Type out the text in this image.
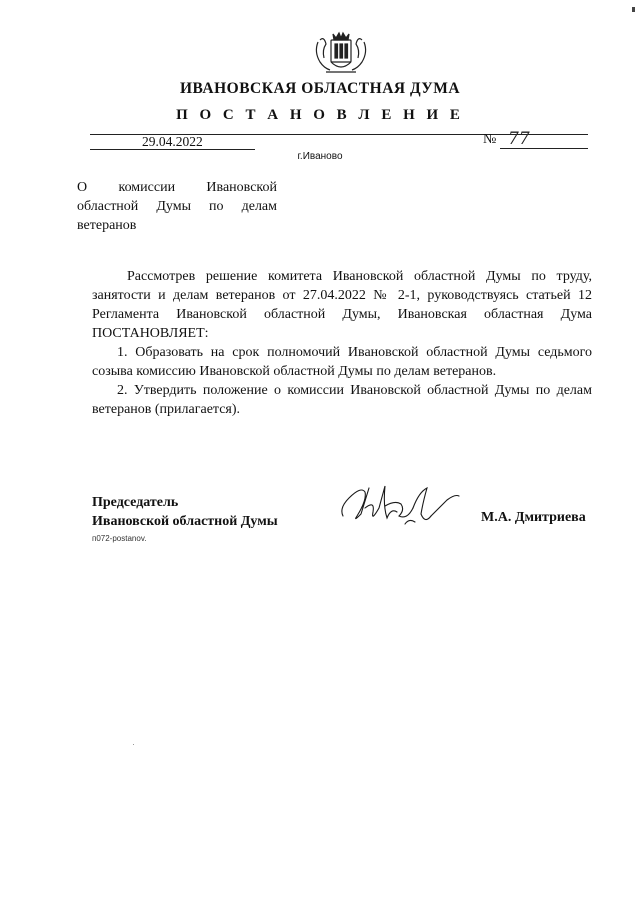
ИВАНОВСКАЯ ОБЛАСТНАЯ ДУМА
П О С Т А Н О В Л Е Н И Е
29.04.2022	№ 77
г.Иваново
О комиссии Ивановской областной Думы по делам ветеранов

Рассмотрев решение комитета Ивановской областной Думы по труду, занятости и делам ветеранов от 27.04.2022 № 2-1, руководствуясь статьей 12 Регламента Ивановской областной Думы, Ивановская областная Дума ПОСТАНОВЛЯЕТ:

1. Образовать на срок полномочий Ивановской областной Думы седьмого созыва комиссию Ивановской областной Думы по делам ветеранов.

2. Утвердить положение о комиссии Ивановской областной Думы по делам ветеранов (прилагается).

Председатель
Ивановской областной Думы	М.А. Дмитриева
п072-postanov.
